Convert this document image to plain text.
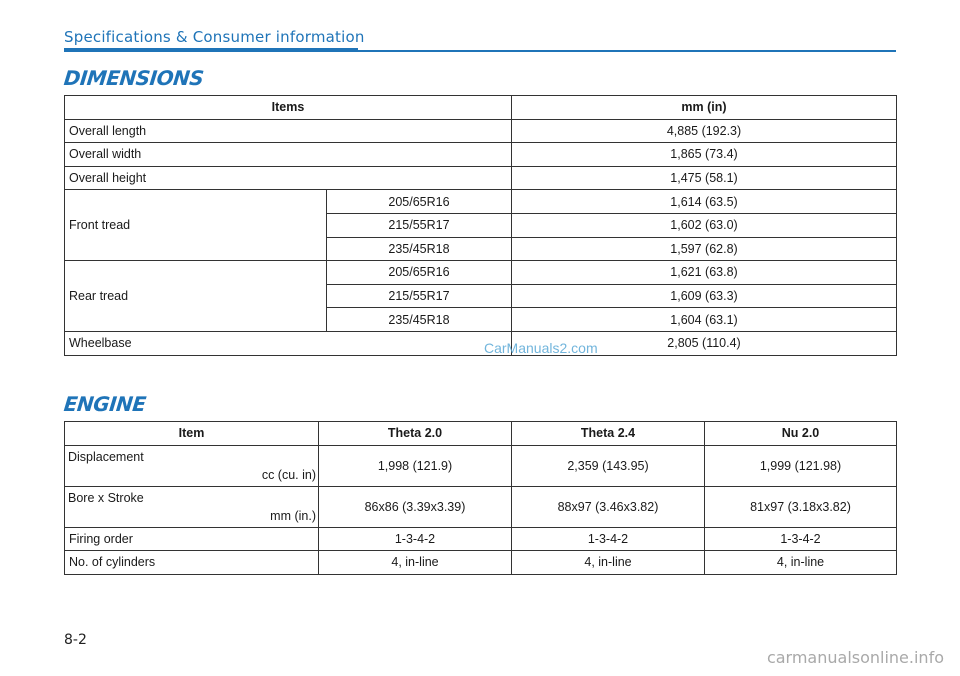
Specifications & Consumer information
DIMENSIONS
Items		mm (in)
Overall length		4,885 (192.3)
Overall width		1,865 (73.4)
Overall height		1,475 (58.1)
Front tread	205/65R16	1,614 (63.5)
	215/55R17	1,602 (63.0)
	235/45R18	1,597 (62.8)
Rear tread	205/65R16	1,621 (63.8)
	215/55R17	1,609 (63.3)
	235/45R18	1,604 (63.1)
Wheelbase		2,805 (110.4)
CarManuals2.com
ENGINE
Item	Theta 2.0	Theta 2.4	Nu 2.0

Displacement
cc (cu. in)	1,998 (121.9)	2,359 (143.95)	1,999 (121.98)

Bore x Stroke
mm (in.)	86x86 (3.39x3.39)	88x97 (3.46x3.82)	81x97 (3.18x3.82)
Firing order	1-3-4-2	1-3-4-2	1-3-4-2
No. of cylinders	4, in-line	4, in-line	4, in-line
8-2
carmanualsonline.info
